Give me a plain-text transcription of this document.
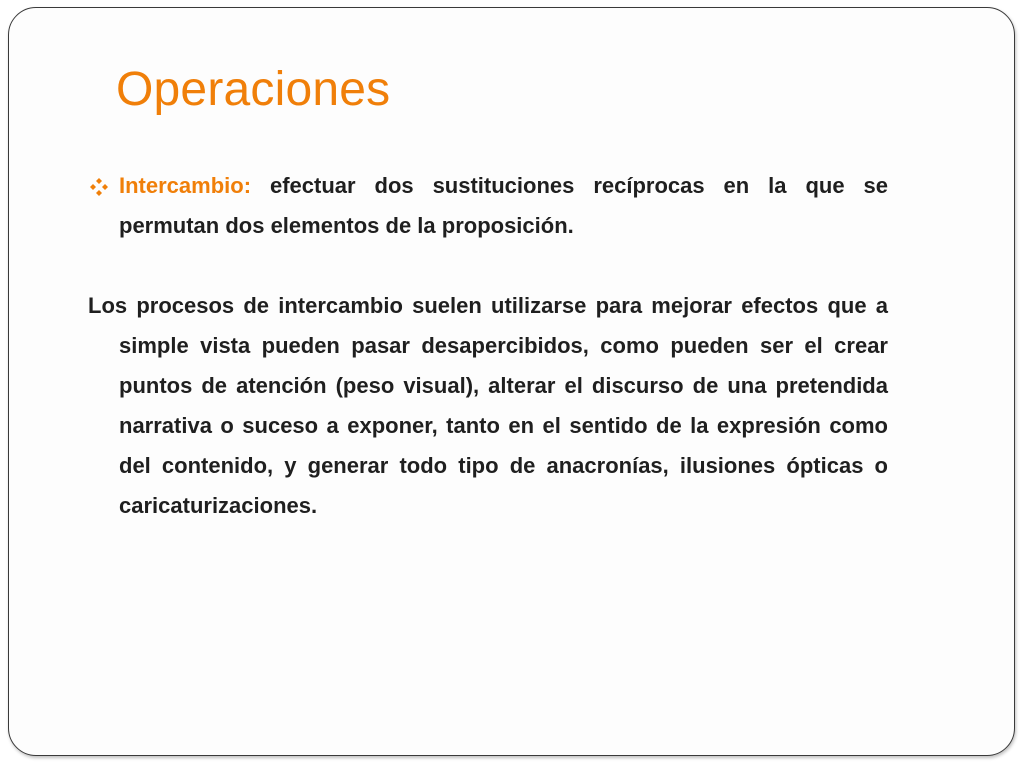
Operaciones

Intercambio: efectuar dos sustituciones recíprocas en la que se permutan dos elementos de la proposición.

Los procesos de intercambio suelen utilizarse para mejorar efectos que a simple vista pueden pasar desapercibidos, como pueden ser el crear puntos de atención (peso visual), alterar el discurso de una pretendida narrativa o suceso a exponer, tanto en el sentido de la expresión como del contenido, y generar todo tipo de anacronías, ilusiones ópticas o caricaturizaciones.
